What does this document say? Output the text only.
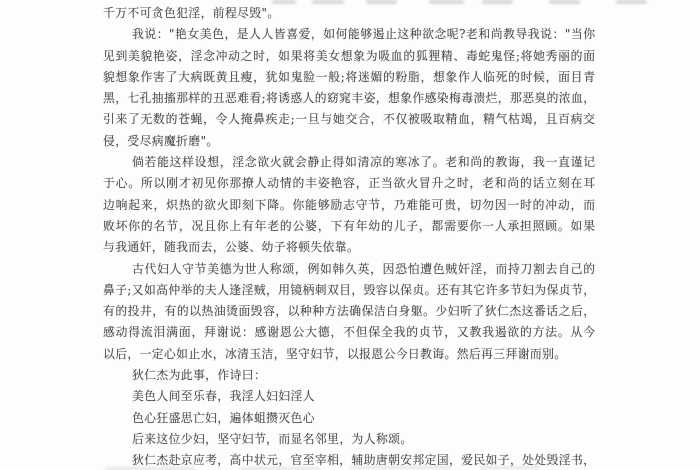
千万不可贪色犯淫，前程尽毁"。
我说："艳女美色，是人人皆喜爱，如何能够遏止这种欲念呢?老和尚教导我说："当你
见到美貌艳姿，淫念冲动之时，如果将美女想象为吸血的狐狸精、毒蛇鬼怪;将她秀丽的面
貌想象作害了大病既黄且瘦，犹如鬼脸一般;将迷媚的粉脂，想象作人临死的时候，面目青
黑，七孔抽搐那样的丑恶难看;将诱惑人的窈窕丰姿，想象作感染梅毒溃烂，那恶臭的浓血，
引来了无数的苍蝇，令人掩鼻疾走;一旦与她交合，不仅被吸取精血，精气枯竭，且百病交
侵，受尽病魔折磨"。
倘若能这样设想，淫念欲火就会静止得如清凉的寒冰了。老和尚的教诲，我一直谨记
于心。所以刚才初见你那撩人动情的丰姿艳容，正当欲火冒升之时，老和尚的话立刻在耳
边响起来，炽热的欲火即刻下降。你能够励志守节，乃难能可贵，切勿因一时的冲动，而
败坏你的名节，况且你上有年老的公婆，下有年幼的儿子，都需要你一人承担照顾。如果
与我通奸，随我而去，公婆、幼子将顿失依靠。
古代妇人守节美德为世人称颂，例如韩久英，因恐怕遭色贼奸淫，而持刀割去自己的
鼻子;又如高仲举的夫人逢淫贼，用镜柄刺双目，毁容以保贞。还有其它许多节妇为保贞节，
有的投井，有的以热油烫面毁容，以种种方法确保洁白身躯。少妇听了狄仁杰这番话之后，
感动得流泪满面，拜谢说：感谢恩公大德，不但保全我的贞节，又教我遏欲的方法。从今
以后，一定心如止水，冰清玉洁，坚守妇节，以报恩公今日教诲。然后再三拜谢而别。
狄仁杰为此事，作诗曰：
美色人间至乐春，我淫人妇妇淫人
色心狂盛思亡妇，遍体蛆攒灭色心
后来这位少妇，坚守妇节，而显名邻里，为人称颂。
狄仁杰赴京应考，高中状元，官至宰相，辅助唐朝安邦定国，爱民如子，处处毁淫书，
